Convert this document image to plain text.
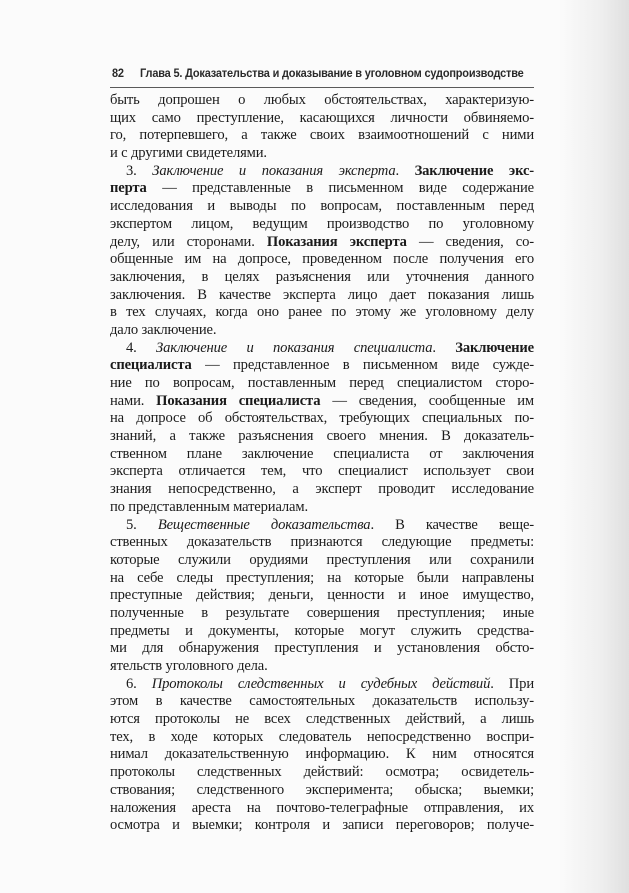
82 Глава 5. Доказательства и доказывание в уголовном судопроизводстве
быть допрошен о любых обстоятельствах, характеризую-
щих само преступление, касающихся личности обвиняемо-
го, потерпевшего, а также своих взаимоотношений с ними
и с другими свидетелями.
3. Заключение и показания эксперта. Заключение экс-
перта — представленные в письменном виде содержание
исследования и выводы по вопросам, поставленным перед
экспертом лицом, ведущим производство по уголовному
делу, или сторонами. Показания эксперта — сведения, со-
общенные им на допросе, проведенном после получения его
заключения, в целях разъяснения или уточнения данного
заключения. В качестве эксперта лицо дает показания лишь
в тех случаях, когда оно ранее по этому же уголовному делу
дало заключение.
4. Заключение и показания специалиста. Заключение
специалиста — представленное в письменном виде сужде-
ние по вопросам, поставленным перед специалистом сторо-
нами. Показания специалиста — сведения, сообщенные им
на допросе об обстоятельствах, требующих специальных по-
знаний, а также разъяснения своего мнения. В доказатель-
ственном плане заключение специалиста от заключения
эксперта отличается тем, что специалист использует свои
знания непосредственно, а эксперт проводит исследование
по представленным материалам.
5. Вещественные доказательства. В качестве веще-
ственных доказательств признаются следующие предметы:
которые служили орудиями преступления или сохранили
на себе следы преступления; на которые были направлены
преступные действия; деньги, ценности и иное имущество,
полученные в результате совершения преступления; иные
предметы и документы, которые могут служить средства-
ми для обнаружения преступления и установления обсто-
ятельств уголовного дела.
6. Протоколы следственных и судебных действий. При
этом в качестве самостоятельных доказательств использу-
ются протоколы не всех следственных действий, а лишь
тех, в ходе которых следователь непосредственно воспри-
нимал доказательственную информацию. К ним относятся
протоколы следственных действий: осмотра; освидетель-
ствования; следственного эксперимента; обыска; выемки;
наложения ареста на почтово-телеграфные отправления, их
осмотра и выемки; контроля и записи переговоров; получе-
